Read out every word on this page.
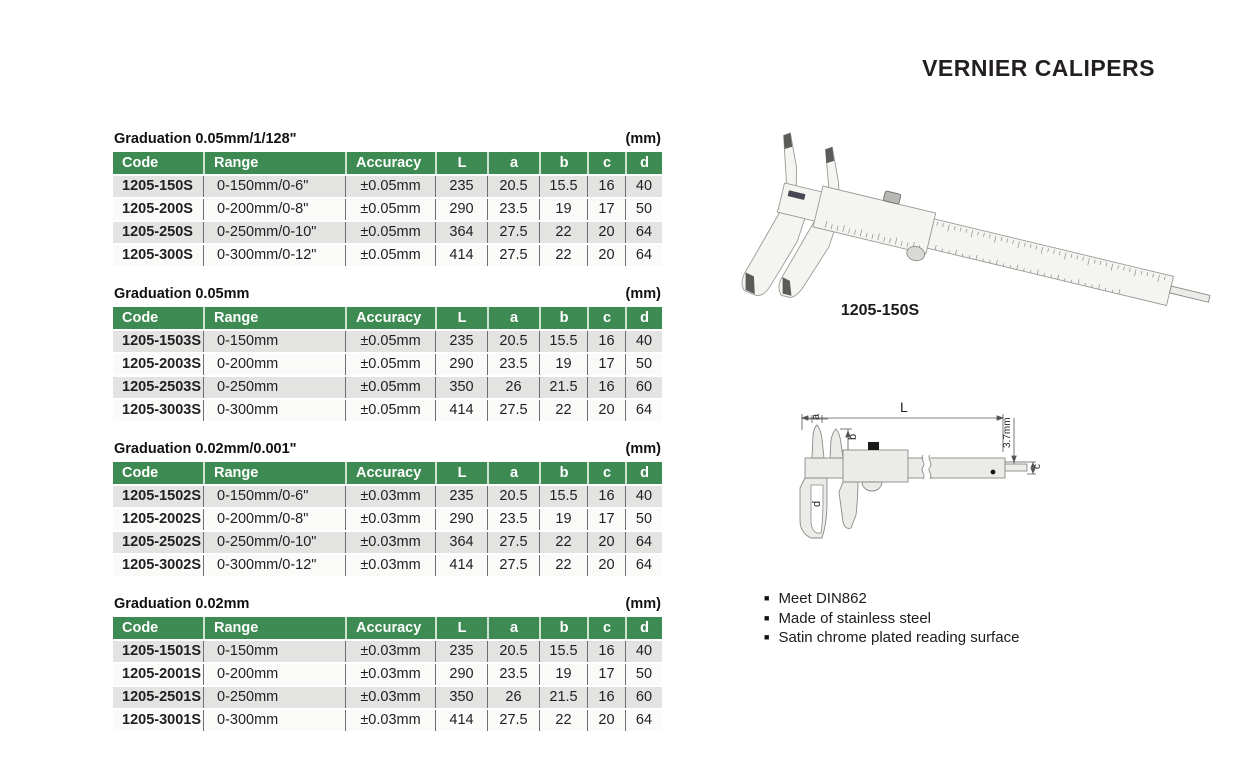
VERNIER CALIPERS
Graduation 0.05mm/1/128"	(mm)
Code	Range	Accuracy	L	a	b	c	d
1205-150S	0-150mm/0-6"	±0.05mm	235	20.5	15.5	16	40
1205-200S	0-200mm/0-8"	±0.05mm	290	23.5	19	17	50
1205-250S	0-250mm/0-10"	±0.05mm	364	27.5	22	20	64
1205-300S	0-300mm/0-12"	±0.05mm	414	27.5	22	20	64
Graduation 0.05mm	(mm)
Code	Range	Accuracy	L	a	b	c	d
1205-1503S	0-150mm	±0.05mm	235	20.5	15.5	16	40
1205-2003S	0-200mm	±0.05mm	290	23.5	19	17	50
1205-2503S	0-250mm	±0.05mm	350	26	21.5	16	60
1205-3003S	0-300mm	±0.05mm	414	27.5	22	20	64
Graduation 0.02mm/0.001"	(mm)
Code	Range	Accuracy	L	a	b	c	d
1205-1502S	0-150mm/0-6"	±0.03mm	235	20.5	15.5	16	40
1205-2002S	0-200mm/0-8"	±0.03mm	290	23.5	19	17	50
1205-2502S	0-250mm/0-10"	±0.03mm	364	27.5	22	20	64
1205-3002S	0-300mm/0-12"	±0.03mm	414	27.5	22	20	64
Graduation 0.02mm	(mm)
Code	Range	Accuracy	L	a	b	c	d
1205-1501S	0-150mm	±0.03mm	235	20.5	15.5	16	40
1205-2001S	0-200mm	±0.03mm	290	23.5	19	17	50
1205-2501S	0-250mm	±0.03mm	350	26	21.5	16	60
1205-3001S	0-300mm	±0.03mm	414	27.5	22	20	64
1205-150S
L
a
b
d
3.7mm
c
■ Meet DIN862
■ Made of stainless steel
■ Satin chrome plated reading surface
